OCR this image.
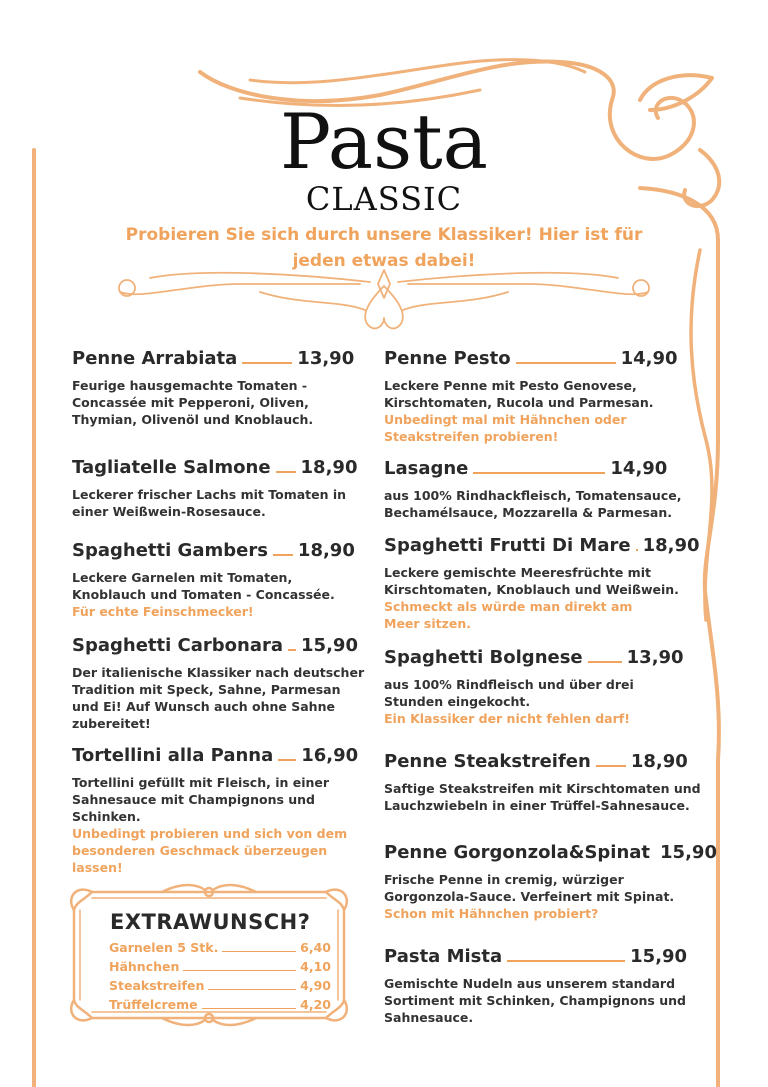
Pasta
CLASSIC
Probieren Sie sich durch unsere Klassiker! Hier ist für jeden etwas dabei!
Penne Arrabiata	13,90
Feurige hausgemachte Tomaten - Concassée mit Pepperoni, Oliven, Thymian, Olivenöl und Knoblauch.
Tagliatelle Salmone 18,90
Leckerer frischer Lachs mit Tomaten in einer Weißwein-Rosesauce.
Spaghetti Gambers 18,90
Leckere Garnelen mit Tomaten, Knoblauch und Tomaten - Concassée.
Für echte Feinschmecker!
Spaghetti Carbonara 15,90
Der italienische Klassiker nach deutscher Tradition mit Speck, Sahne, Parmesan und Ei! Auf Wunsch auch ohne Sahne zubereitet!
Tortellini alla Panna 16,90
Tortellini gefüllt mit Fleisch, in einer Sahnesauce mit Champignons und Schinken.
Unbedingt probieren und sich von dem besonderen Geschmack überzeugen lassen!
Penne Pesto	14,90
Leckere Penne mit Pesto Genovese, Kirschtomaten, Rucola und Parmesan.
Unbedingt mal mit Hähnchen oder Steakstreifen probieren!
Lasagne	14,90
aus 100% Rindhackfleisch, Tomatensauce, Bechamélsauce, Mozzarella & Parmesan.
Spaghetti Frutti Di Mare 18,90
Leckere gemischte Meeresfrüchte mit Kirschtomaten, Knoblauch und Weißwein.
Schmeckt als würde man direkt am Meer sitzen.
Spaghetti Bolgnese 13,90
aus 100% Rindfleisch und über drei Stunden eingekocht.
Ein Klassiker der nicht fehlen darf!
Penne Steakstreifen 18,90
Saftige Steakstreifen mit Kirschtomaten und Lauchzwiebeln in einer Trüffel-Sahnesauce.
Penne Gorgonzola&Spinat 15,90
Frische Penne in cremig, würziger Gorgonzola-Sauce. Verfeinert mit Spinat.
Schon mit Hähnchen probiert?
Pasta Mista	15,90
Gemischte Nudeln aus unserem standard Sortiment mit Schinken, Champignons und Sahnesauce.
EXTRAWUNSCH?
Garnelen 5 Stk.	6,40
Hähnchen	4,10
Steakstreifen	4,90
Trüffelcreme	4,20
